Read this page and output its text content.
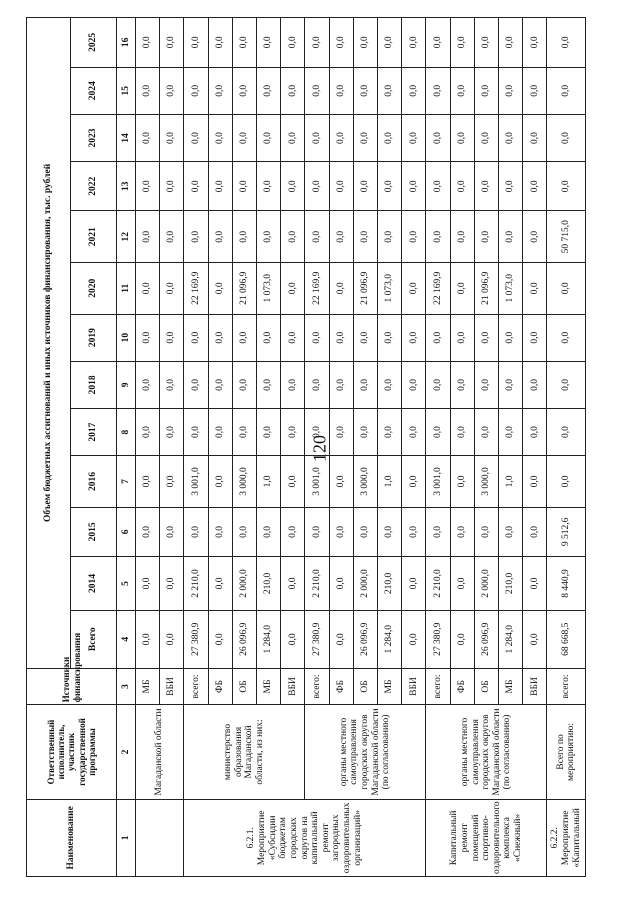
120
Наименование	Ответственный исполнитель, участник государственной программы	Источники финансирования	Объем бюджетных ассигнований и иных источников финансирования, тыс. рублей												
			Всего	2014	2015	2016	2017	2018	2019	2020	2021	2022	2023	2024	2025
1	2	3	4	5	6	7	8	9	10	11	12	13	14	15	16
	Магаданской области	МБ	0,0	0,0	0,0	0,0	0,0	0,0	0,0	0,0	0,0	0,0	0,0	0,0	0,0
		ВБИ	0,0	0,0	0,0	0,0	0,0	0,0	0,0	0,0	0,0	0,0	0,0	0,0	0,0
6.2.1. Мероприятие «Субсидии бюджетам городских округов на капитальный ремонт загородных оздоровительных организаций»	министерство образования Магаданской области, из них:	всего:	27 380,9	2 210,0	0,0	3 001,0	0,0	0,0	0,0	22 169,9	0,0	0,0	0,0	0,0	0,0
		ФБ	0,0	0,0	0,0	0,0	0,0	0,0	0,0	0,0	0,0	0,0	0,0	0,0	0,0
		ОБ	26 096,9	2 000,0	0,0	3 000,0	0,0	0,0	0,0	21 096,9	0,0	0,0	0,0	0,0	0,0
		МБ	1 284,0	210,0	0,0	1,0	0,0	0,0	0,0	1 073,0	0,0	0,0	0,0	0,0	0,0
		ВБИ	0,0	0,0	0,0	0,0	0,0	0,0	0,0	0,0	0,0	0,0	0,0	0,0	0,0
	органы местного самоуправления городских округов Магаданской области (по согласованию)	всего:	27 380,9	2 210,0	0,0	3 001,0	0,0	0,0	0,0	22 169,9	0,0	0,0	0,0	0,0	0,0
		ФБ	0,0	0,0	0,0	0,0	0,0	0,0	0,0	0,0	0,0	0,0	0,0	0,0	0,0
		ОБ	26 096,9	2 000,0	0,0	3 000,0	0,0	0,0	0,0	21 096,9	0,0	0,0	0,0	0,0	0,0
		МБ	1 284,0	210,0	0,0	1,0	0,0	0,0	0,0	1 073,0	0,0	0,0	0,0	0,0	0,0
		ВБИ	0,0	0,0	0,0	0,0	0,0	0,0	0,0	0,0	0,0	0,0	0,0	0,0	0,0
Капитальный ремонт помещений спортивно-оздоровительного комплекса «Снежный»	органы местного самоуправления городских округов Магаданской области (по согласованию)	всего:	27 380,9	2 210,0	0,0	3 001,0	0,0	0,0	0,0	22 169,9	0,0	0,0	0,0	0,0	0,0
		ФБ	0,0	0,0	0,0	0,0	0,0	0,0	0,0	0,0	0,0	0,0	0,0	0,0	0,0
		ОБ	26 096,9	2 000,0	0,0	3 000,0	0,0	0,0	0,0	21 096,9	0,0	0,0	0,0	0,0	0,0
		МБ	1 284,0	210,0	0,0	1,0	0,0	0,0	0,0	1 073,0	0,0	0,0	0,0	0,0	0,0
		ВБИ	0,0	0,0	0,0	0,0	0,0	0,0	0,0	0,0	0,0	0,0	0,0	0,0	0,0
6.2.2. Мероприятие «Капитальный	Всего по мероприятию:	всего:	68 668,5	8 440,9	9 512,6	0,0	0,0	0,0	0,0	0,0	50 715,0	0,0	0,0	0,0	0,0
